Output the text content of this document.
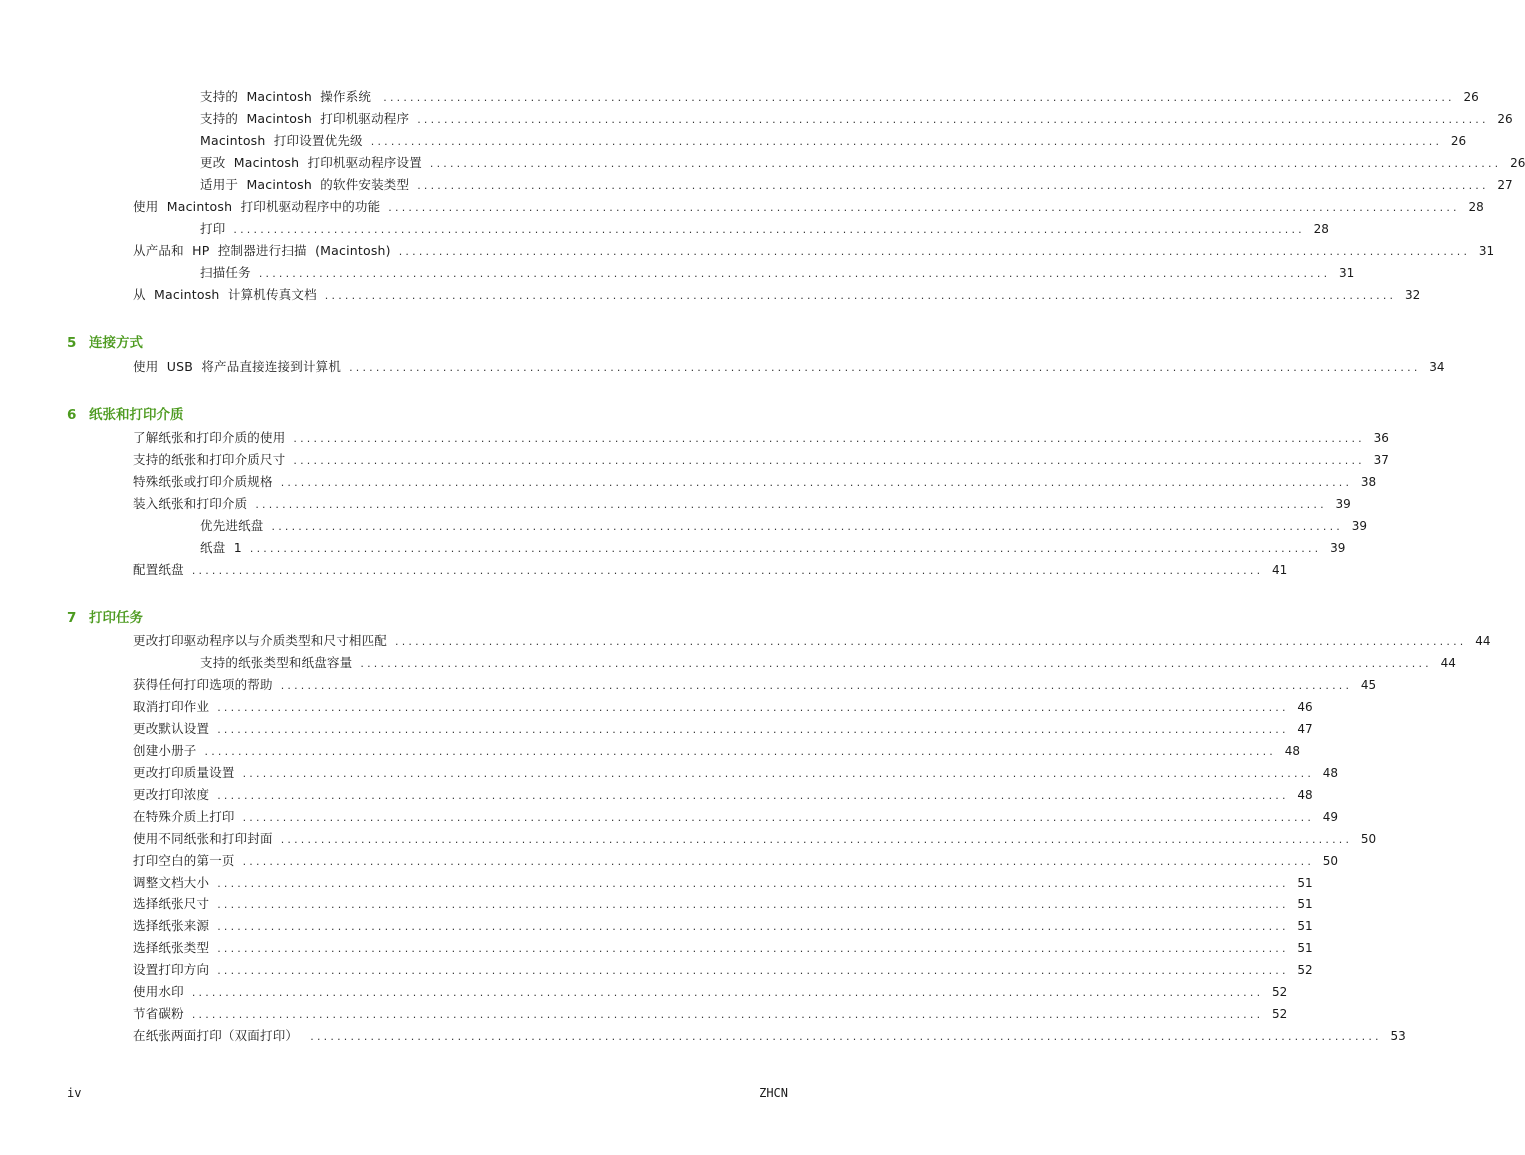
支持的  Macintosh  操作系统 ................................................................................................................................................................ 26
支持的  Macintosh  打印机驱动程序 ................................................................................................................................................................ 26
Macintosh  打印设置优先级 ................................................................................................................................................................ 26
更改  Macintosh  打印机驱动程序设置 ................................................................................................................................................................ 26
适用于  Macintosh  的软件安装类型 ................................................................................................................................................................ 27
使用  Macintosh  打印机驱动程序中的功能 ................................................................................................................................................................ 28
打印 ................................................................................................................................................................ 28
从产品和  HP  控制器进行扫描  (Macintosh) ................................................................................................................................................................ 31
扫描任务 ................................................................................................................................................................ 31
从  Macintosh  计算机传真文档 ................................................................................................................................................................ 32
5 连接方式
使用  USB  将产品直接连接到计算机 ................................................................................................................................................................ 34
6 纸张和打印介质
了解纸张和打印介质的使用 ................................................................................................................................................................ 36
支持的纸张和打印介质尺寸 ................................................................................................................................................................ 37
特殊纸张或打印介质规格 ................................................................................................................................................................ 38
装入纸张和打印介质 ................................................................................................................................................................ 39
优先进纸盘 ................................................................................................................................................................ 39
纸盘  1 ................................................................................................................................................................ 39
配置纸盘 ................................................................................................................................................................ 41
7 打印任务
更改打印驱动程序以与介质类型和尺寸相匹配 ................................................................................................................................................................ 44
支持的纸张类型和纸盘容量 ................................................................................................................................................................ 44
获得任何打印选项的帮助 ................................................................................................................................................................ 45
取消打印作业 ................................................................................................................................................................ 46
更改默认设置 ................................................................................................................................................................ 47
创建小册子 ................................................................................................................................................................ 48
更改打印质量设置 ................................................................................................................................................................ 48
更改打印浓度 ................................................................................................................................................................ 48
在特殊介质上打印 ................................................................................................................................................................ 49
使用不同纸张和打印封面 ................................................................................................................................................................ 50
打印空白的第一页 ................................................................................................................................................................ 50
调整文档大小 ................................................................................................................................................................ 51
选择纸张尺寸 ................................................................................................................................................................ 51
选择纸张来源 ................................................................................................................................................................ 51
选择纸张类型 ................................................................................................................................................................ 51
设置打印方向 ................................................................................................................................................................ 52
使用水印 ................................................................................................................................................................ 52
节省碳粉 ................................................................................................................................................................ 52
在纸张两面打印（双面打印） ................................................................................................................................................................ 53
iv	ZHCN
